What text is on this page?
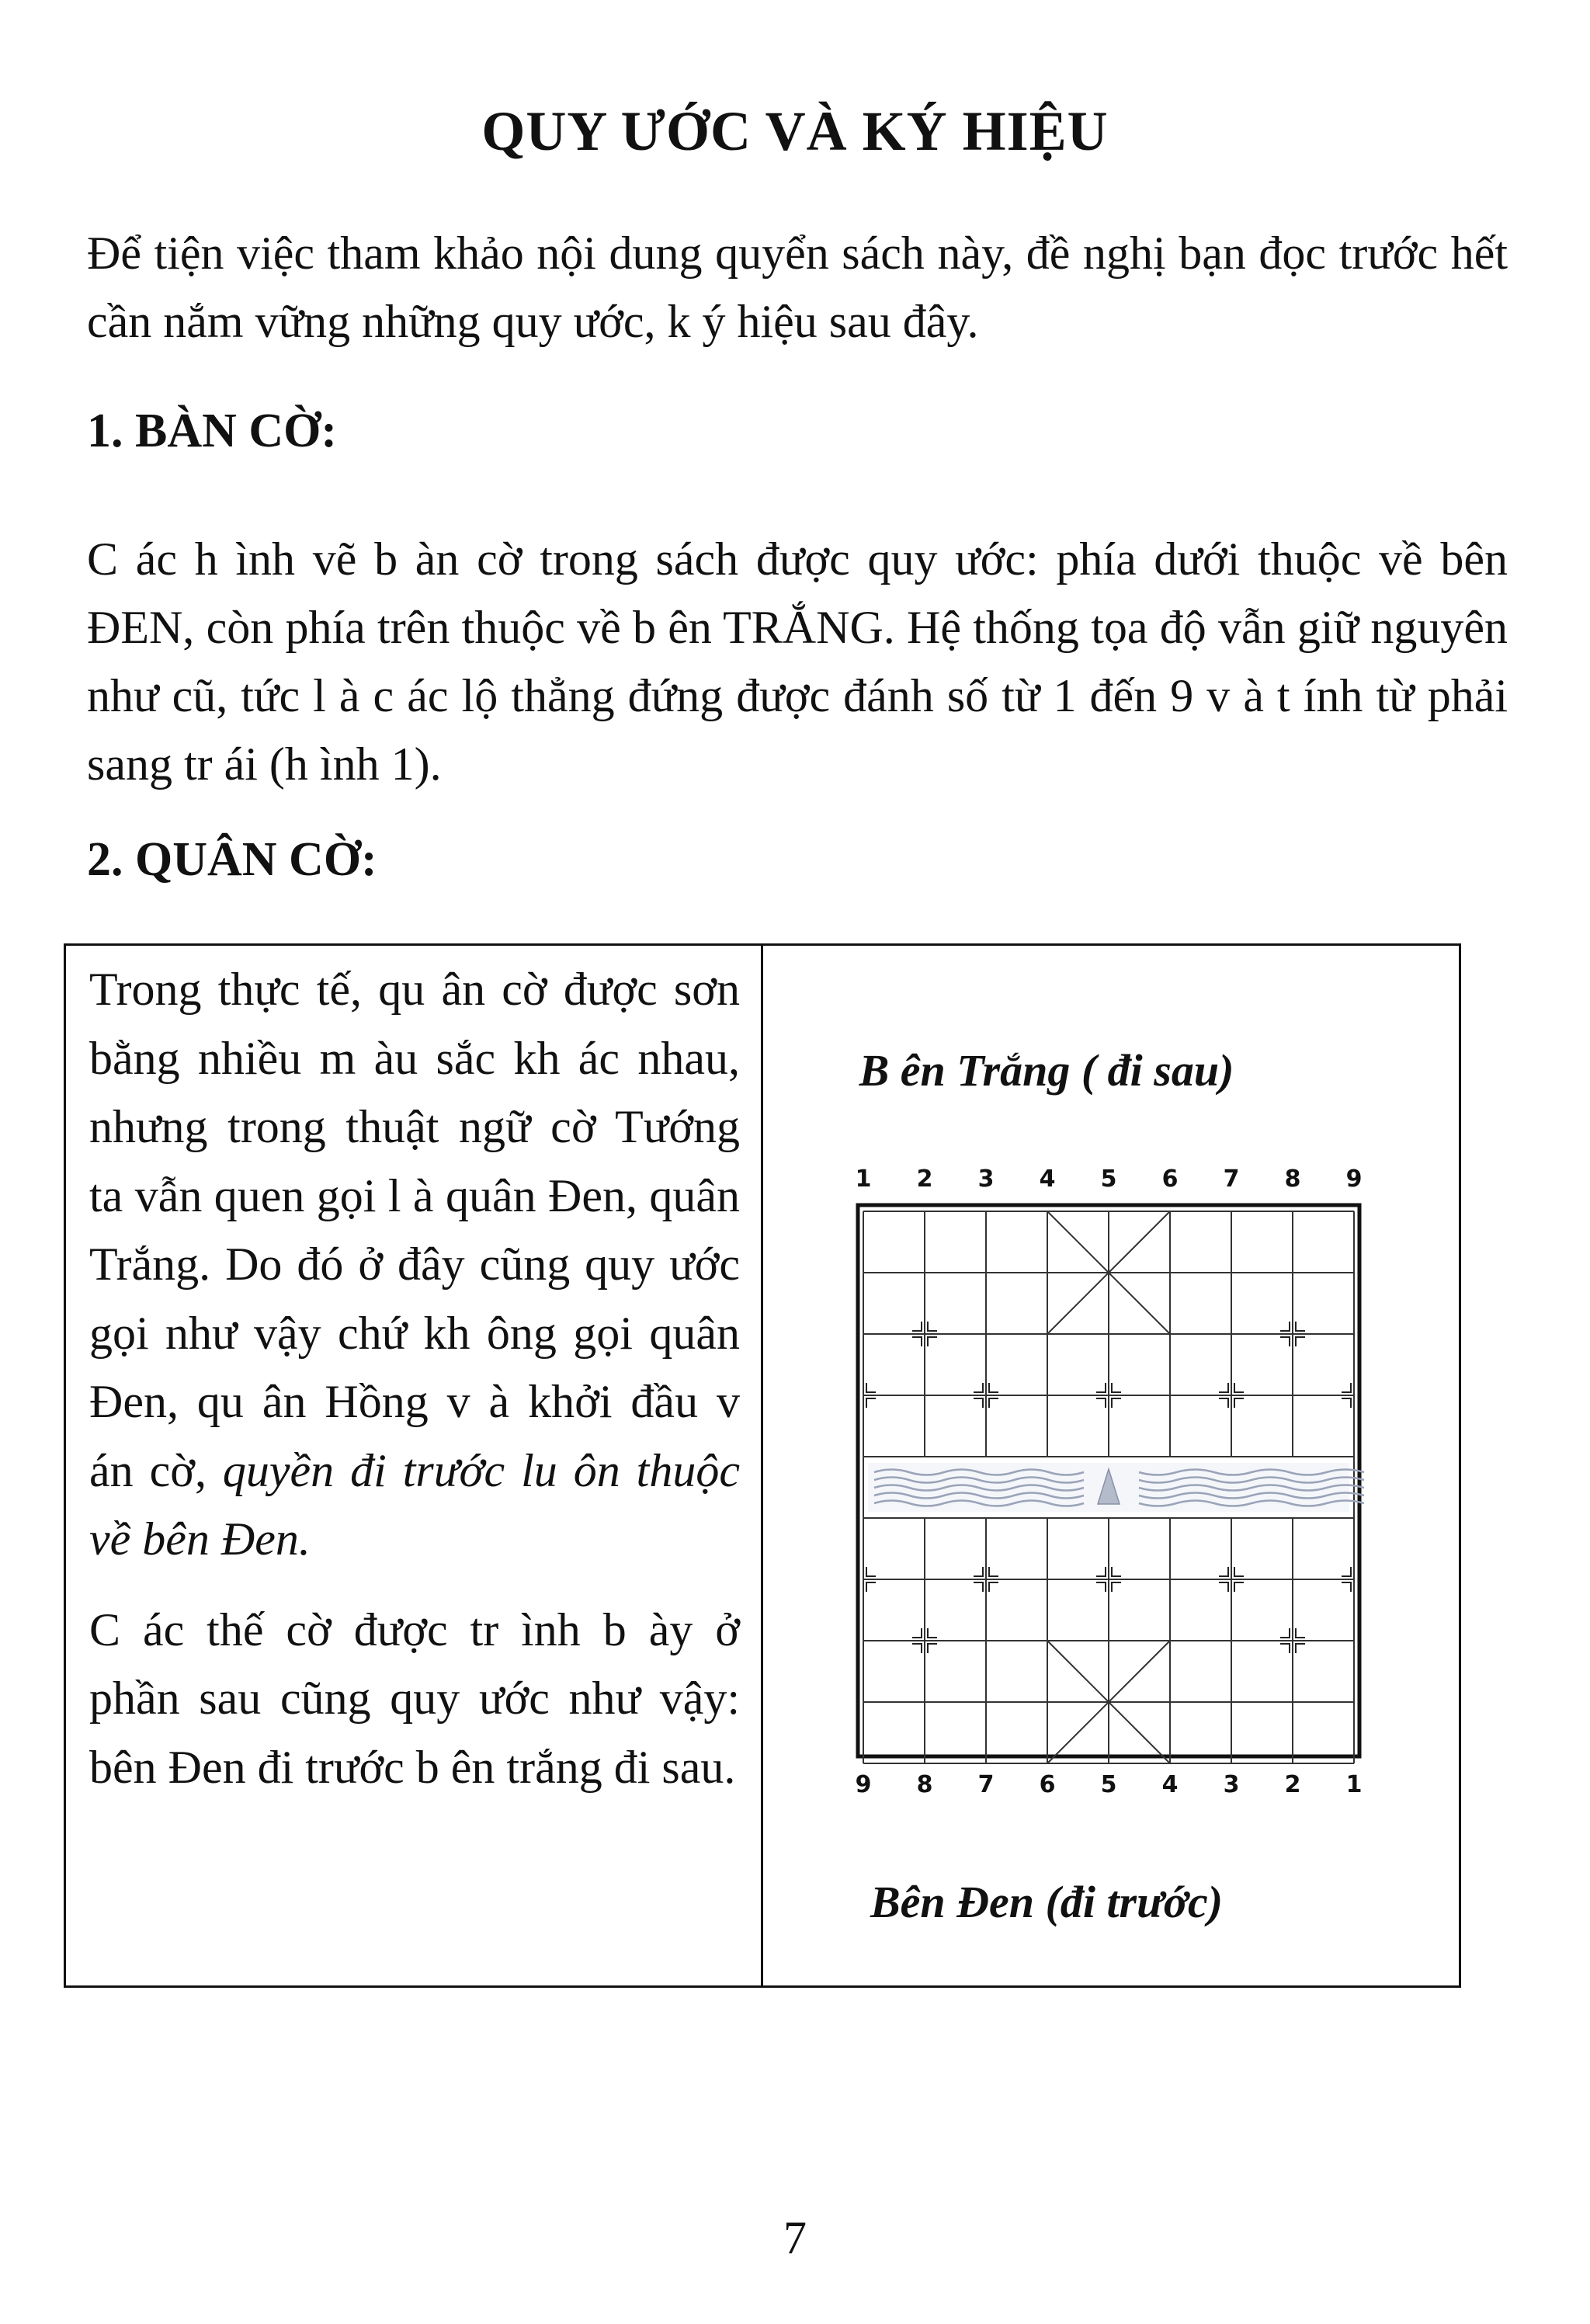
QUY ƯỚC VÀ KÝ HIỆU
Để tiện việc tham khảo nội dung quyển sách này, đề nghị bạn đọc trước hết cần nắm vững những quy ước, k ý hiệu sau đây.
1. BÀN CỜ:
C ác h ình vẽ b àn cờ trong sách được quy ước: phía dưới thuộc về bên ĐEN, còn phía trên thuộc về b ên TRẮNG. Hệ thống tọa độ vẫn giữ nguyên như cũ, tức l à c ác lộ thẳng đứng được đánh số từ 1 đến 9 v à t ính từ phải sang tr ái (h ình 1).
2. QUÂN CỜ:

Trong thực tế, qu ân cờ được sơn bằng nhiều m àu sắc kh ác nhau, nhưng trong thuật ngữ cờ Tướng ta vẫn quen gọi l à quân Đen, quân Trắng. Do đó ở đây cũng quy ước gọi như vậy chứ kh ông gọi quân Đen, qu ân Hồng v à khởi đầu v án cờ, quyền đi trước lu ôn thuộc về bên Đen.

C ác thế cờ được tr ình b ày ở phần sau cũng quy ước như vậy: bên Đen đi trước b ên trắng đi sau.

B ên Trắng ( đi sau)
1 2 3 4 5 6 7 8 9
9 8 7 6 5 4 3 2 1
Bên Đen (đi trước)
7
